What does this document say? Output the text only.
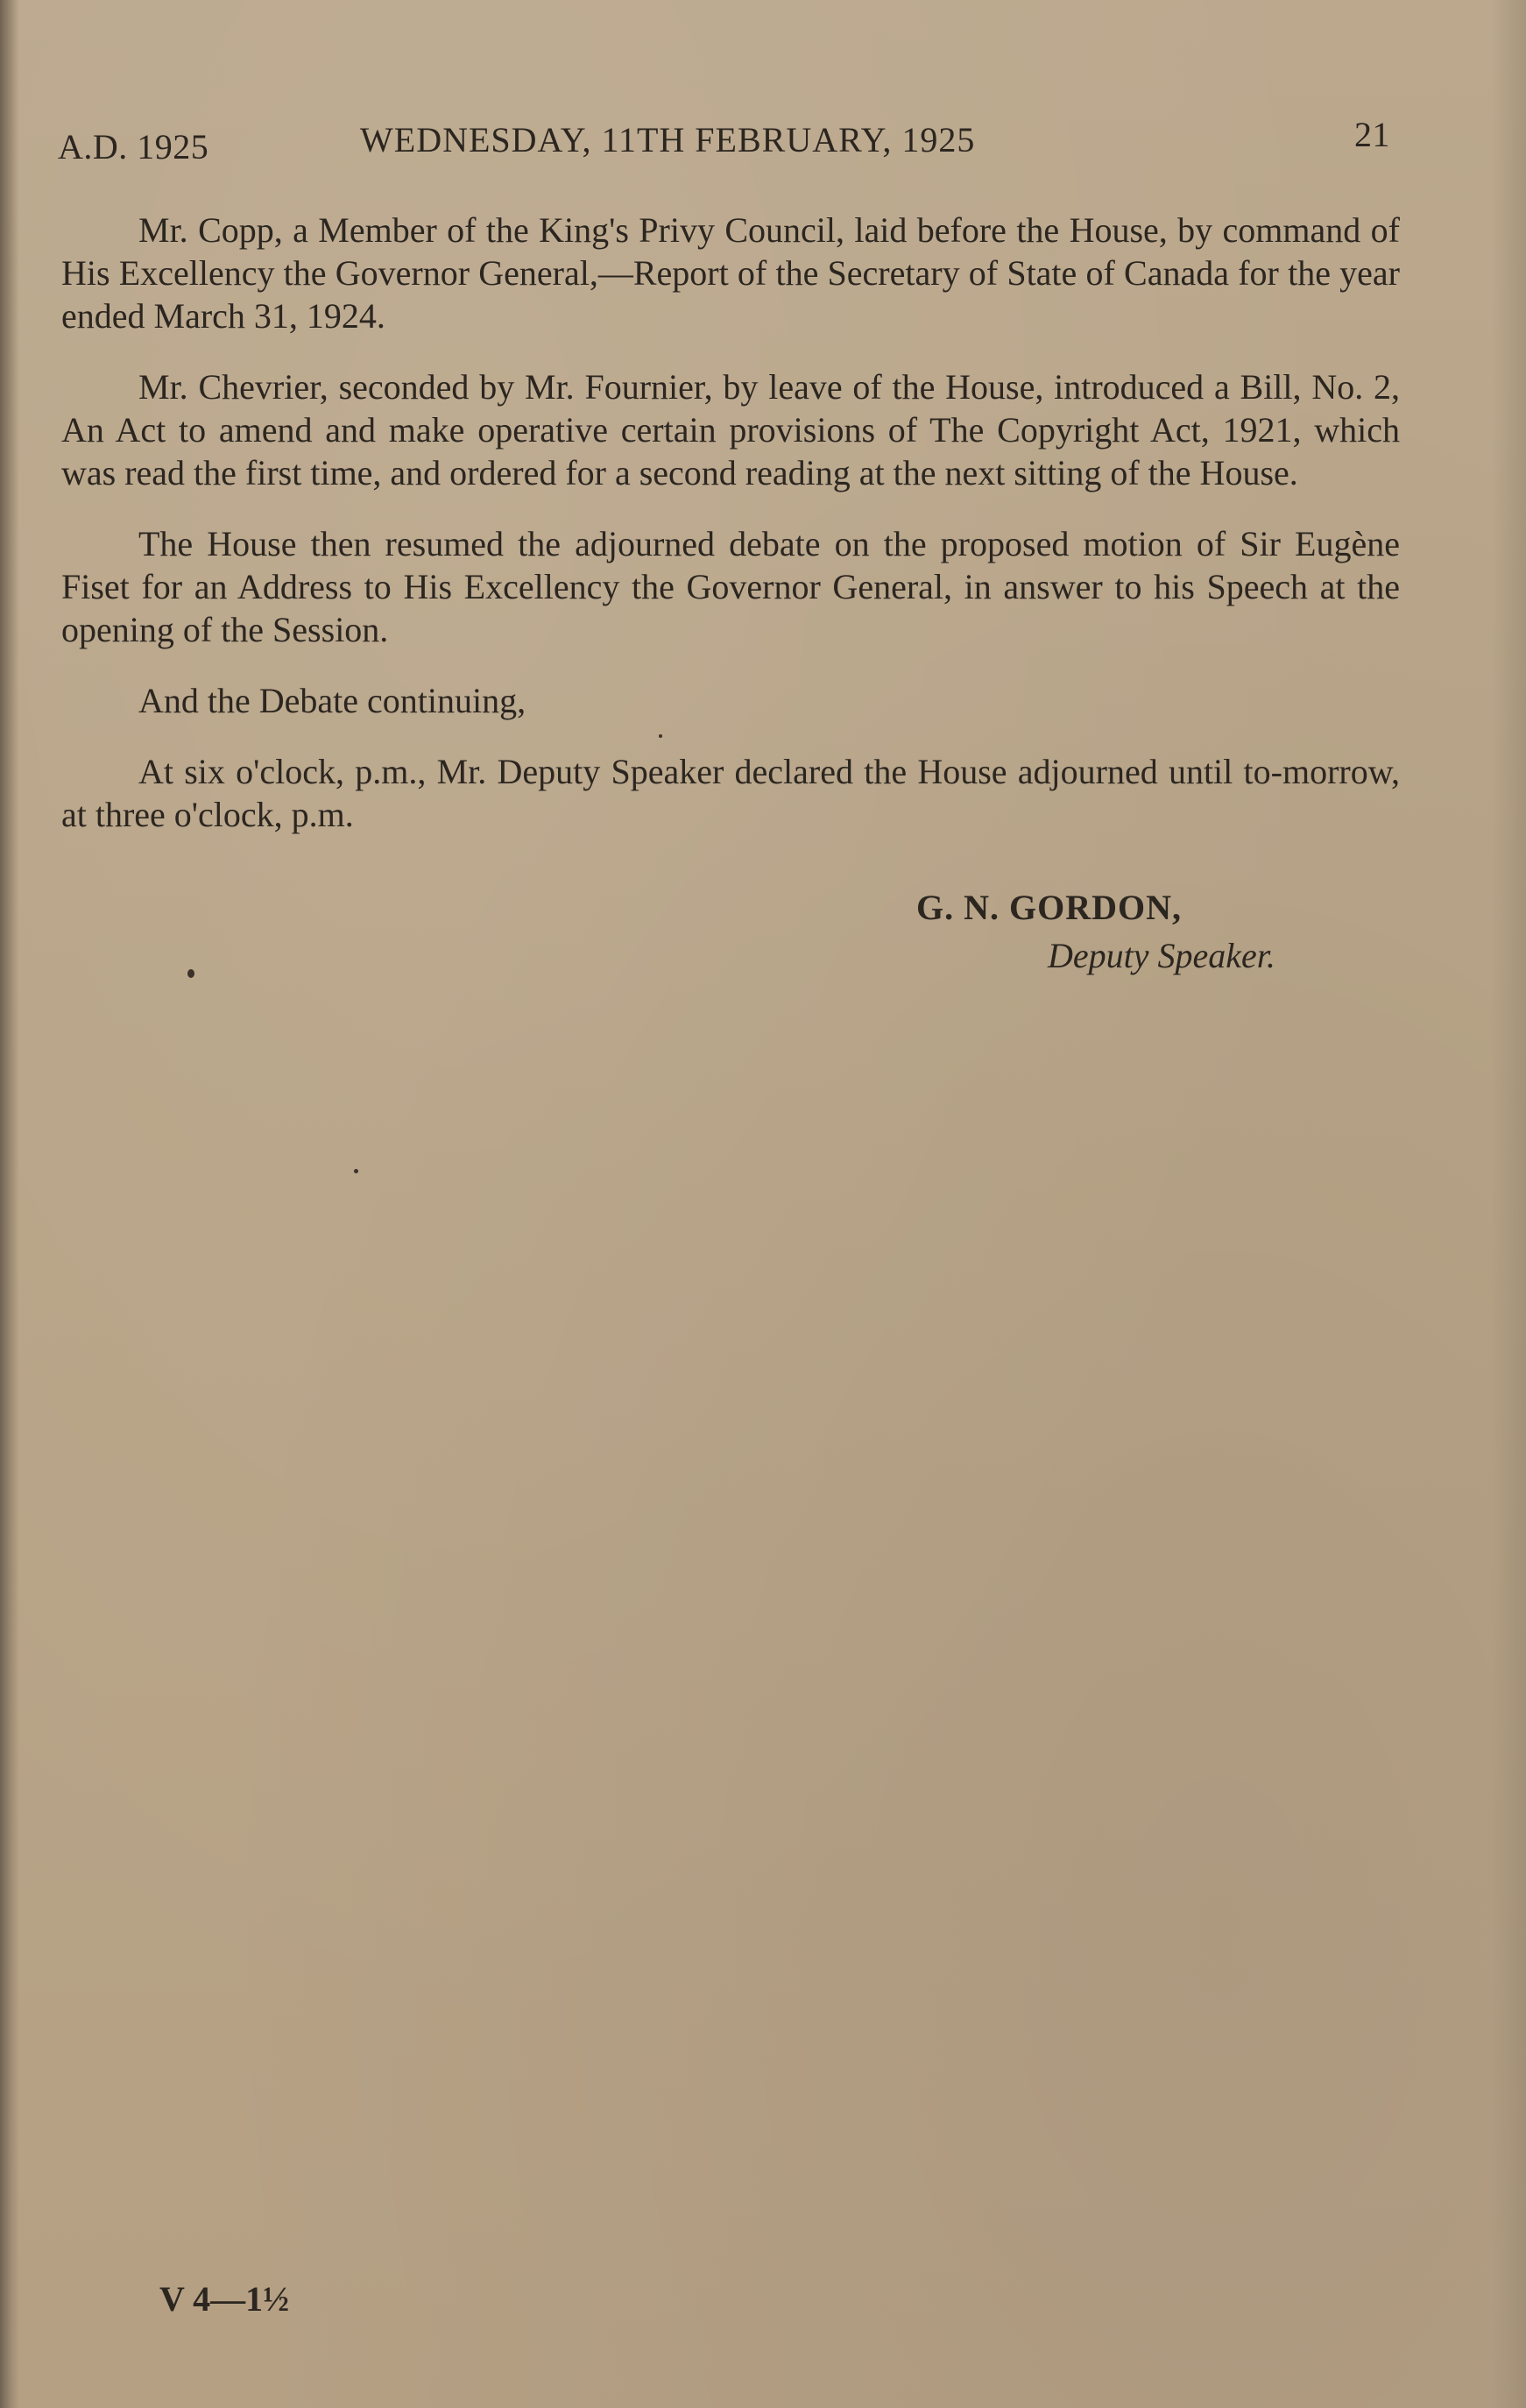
A.D. 1925	WEDNESDAY, 11TH FEBRUARY, 1925	21

Mr. Copp, a Member of the King's Privy Council, laid before the House, by command of His Excellency the Governor General,—Report of the Secretary of State of Canada for the year ended March 31, 1924.

Mr. Chevrier, seconded by Mr. Fournier, by leave of the House, introduced a Bill, No. 2, An Act to amend and make operative certain provisions of The Copyright Act, 1921, which was read the first time, and ordered for a second reading at the next sitting of the House.

The House then resumed the adjourned debate on the proposed motion of Sir Eugène Fiset for an Address to His Excellency the Governor General, in answer to his Speech at the opening of the Session.

And the Debate continuing,

At six o'clock, p.m., Mr. Deputy Speaker declared the House adjourned until to-morrow, at three o'clock, p.m.

G. N. GORDON,
Deputy Speaker.
V 4—1½
